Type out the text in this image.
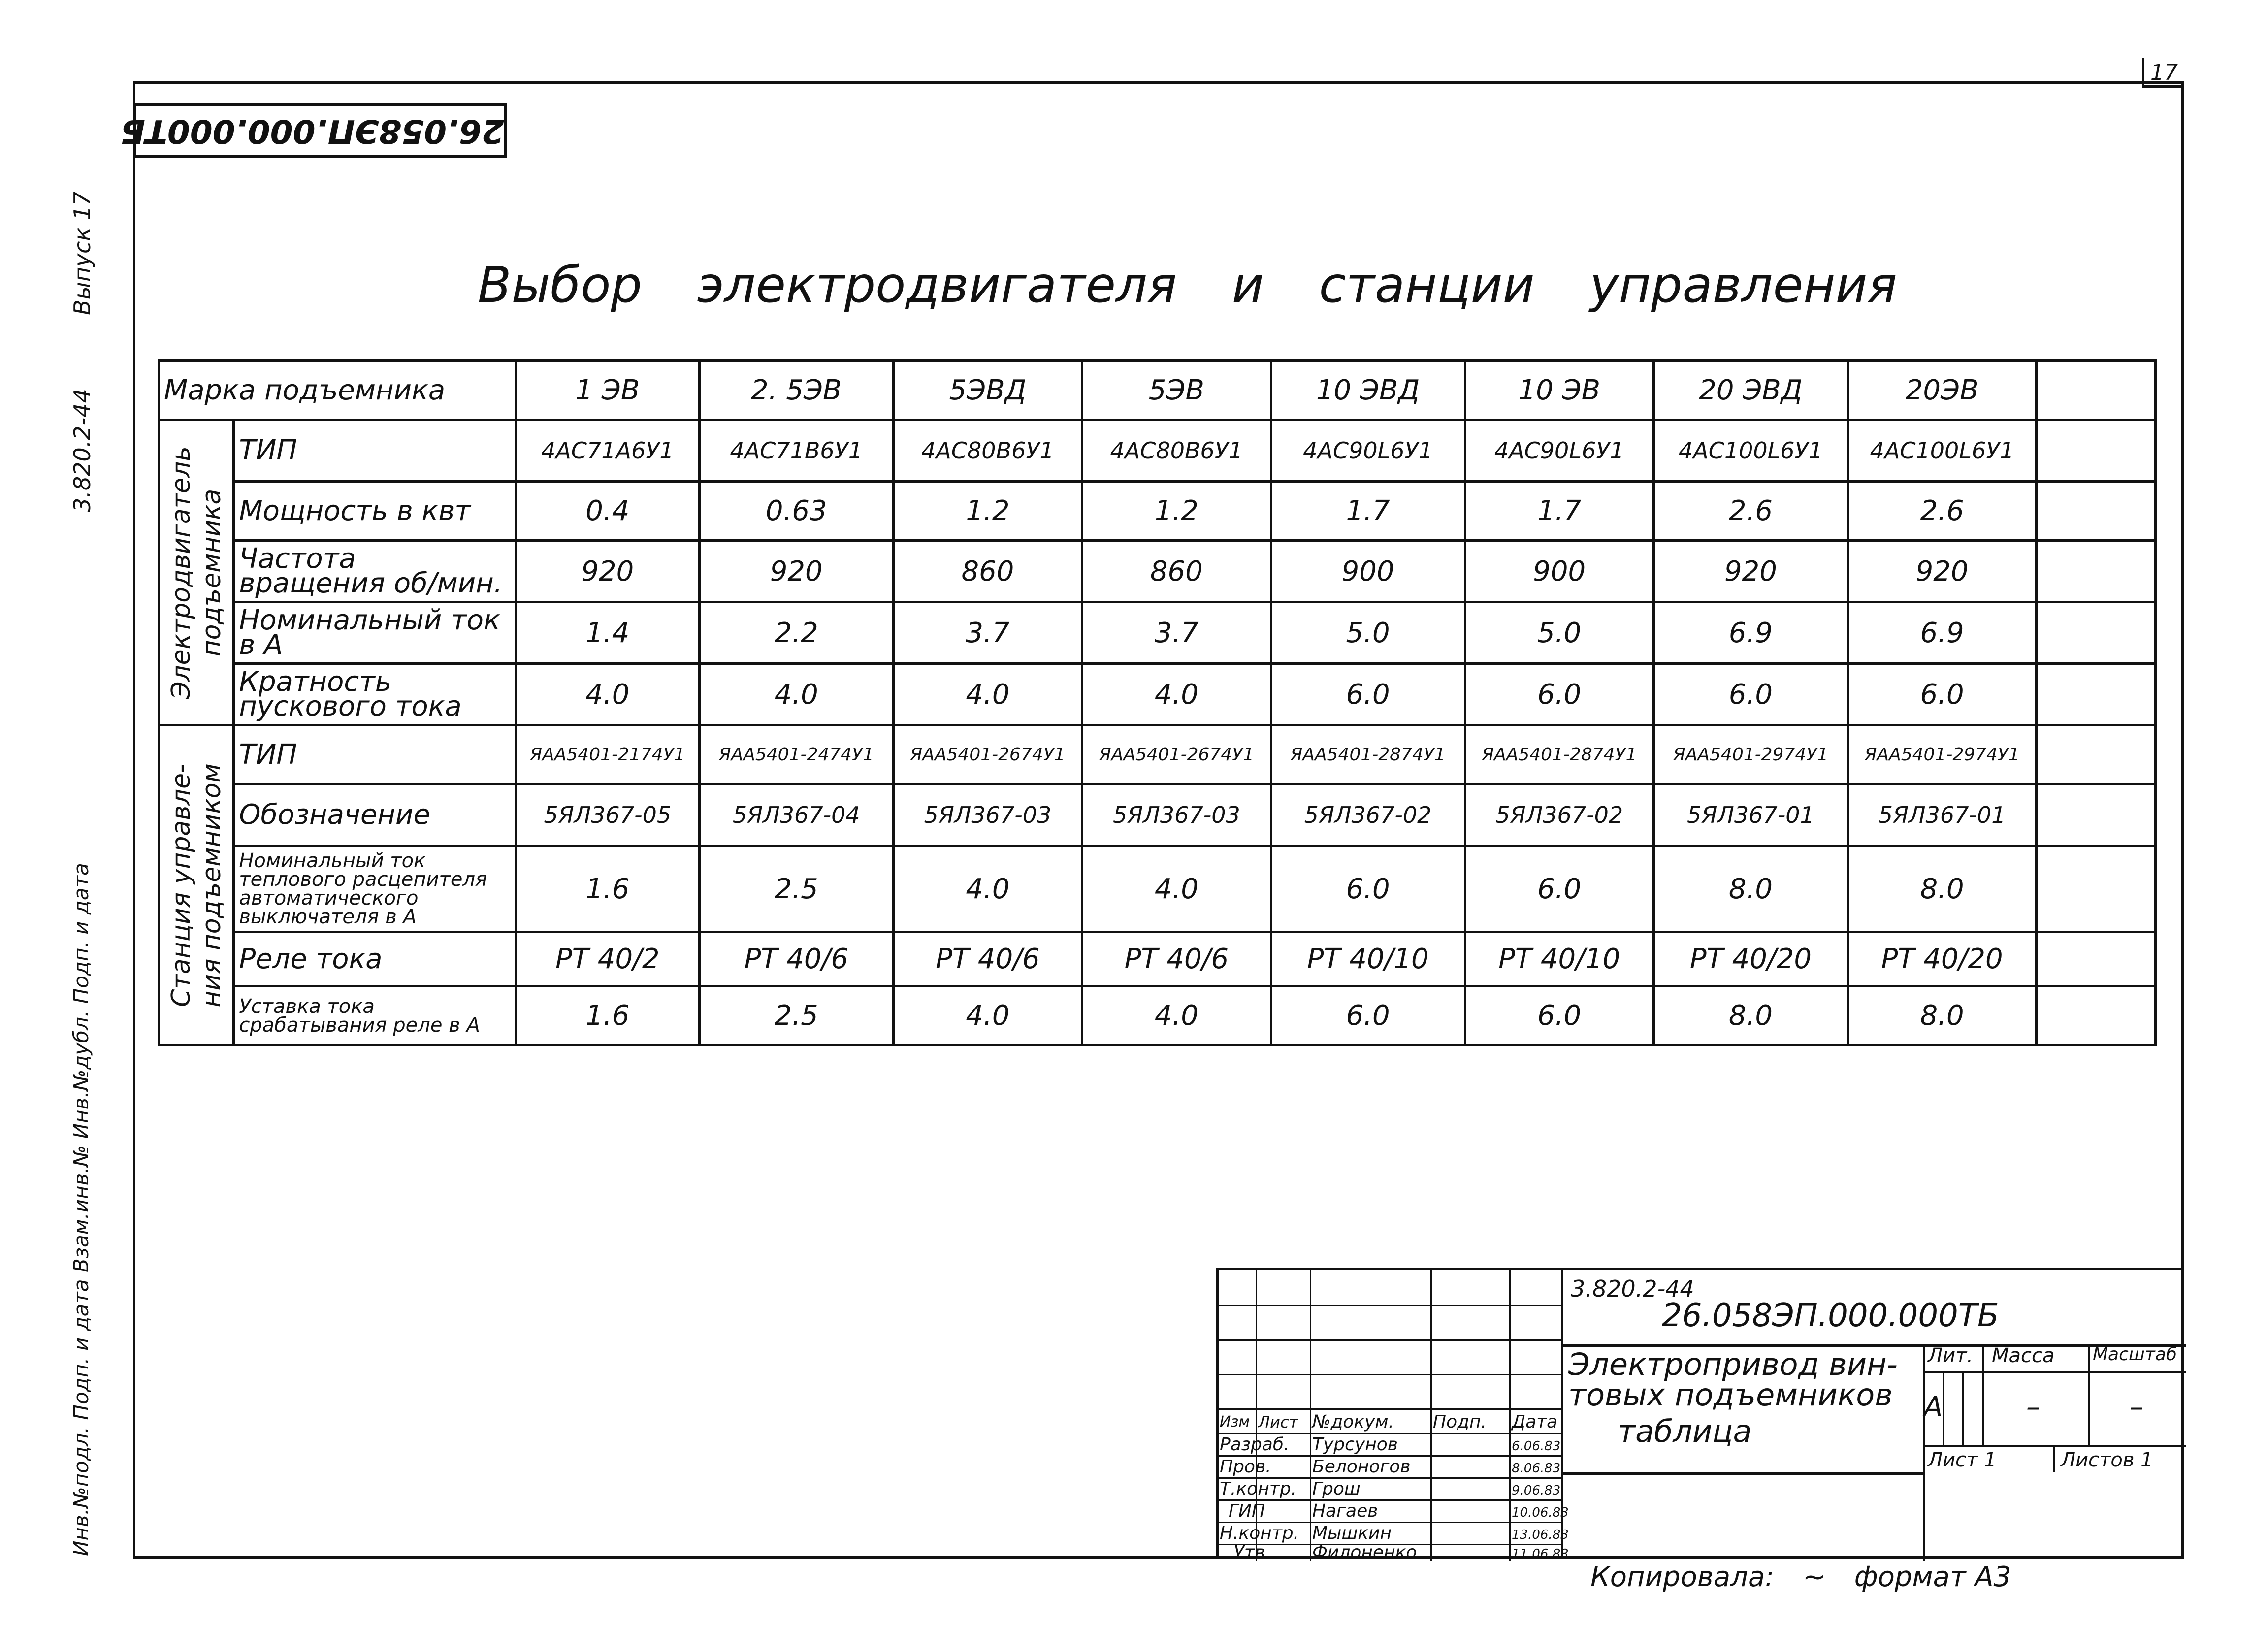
17
26.058ЭП.000.000ТБ
Выпуск 17
3.820.2-44
Инв.№подл. Подп. и дата Взам.инв.№ Инв.№дубл. Подп. и дата
Выбор электродвигателя и станции управления
Марка подъемника		1 ЭВ	2. 5ЭВ	5ЭВД	5ЭВ	10 ЭВД	10 ЭВ	20 ЭВД	20ЭВ	

Электродвигатель
подъемника	ТИП	4АС71А6У1	4АС71В6У1	4АС80В6У1	4АС80В6У1	4АС90L6У1	4АС90L6У1	4АС100L6У1	4АС100L6У1	
	Мощность в квт	0.4	0.63	1.2	1.2	1.7	1.7	2.6	2.6	
	Частота вращения об/мин.	920	920	860	860	900	900	920	920	
	Номинальный ток в А	1.4	2.2	3.7	3.7	5.0	5.0	6.9	6.9	
	Кратность пускового тока	4.0	4.0	4.0	4.0	6.0	6.0	6.0	6.0	

Станция управле-
ния подъемником	ТИП	ЯАА5401-2174У1	ЯАА5401-2474У1	ЯАА5401-2674У1	ЯАА5401-2674У1	ЯАА5401-2874У1	ЯАА5401-2874У1	ЯАА5401-2974У1	ЯАА5401-2974У1	
	Обозначение	5ЯЛ367-05	5ЯЛ367-04	5ЯЛ367-03	5ЯЛ367-03	5ЯЛ367-02	5ЯЛ367-02	5ЯЛ367-01	5ЯЛ367-01	
	Номинальный ток теплового расцепителя автоматического выключателя в А	1.6	2.5	4.0	4.0	6.0	6.0	8.0	8.0	
	Реле тока	РТ 40/2	РТ 40/6	РТ 40/6	РТ 40/6	РТ 40/10	РТ 40/10	РТ 40/20	РТ 40/20	
	Уставка тока срабатывания реле в А	1.6	2.5	4.0	4.0	6.0	6.0	8.0	8.0	
Изм Лист №докум. Подп. Дата
Разраб. Турсунов	6.06.83
Пров. Белоногов	8.06.83
Т.контр. Грош	9.06.83
ГИП	Нагаев	10.06.83
Н.контр. Мышкин	13.06.83
Утв. Филоненко	11.06.83
3.820.2-44
26.058ЭП.000.000ТБ
Электропривод вин-
товых подъемников
таблица
Лит. Масса Масштаб
А	–	–
Лист 1	Листов 1
Копировала: ~ формат А3
